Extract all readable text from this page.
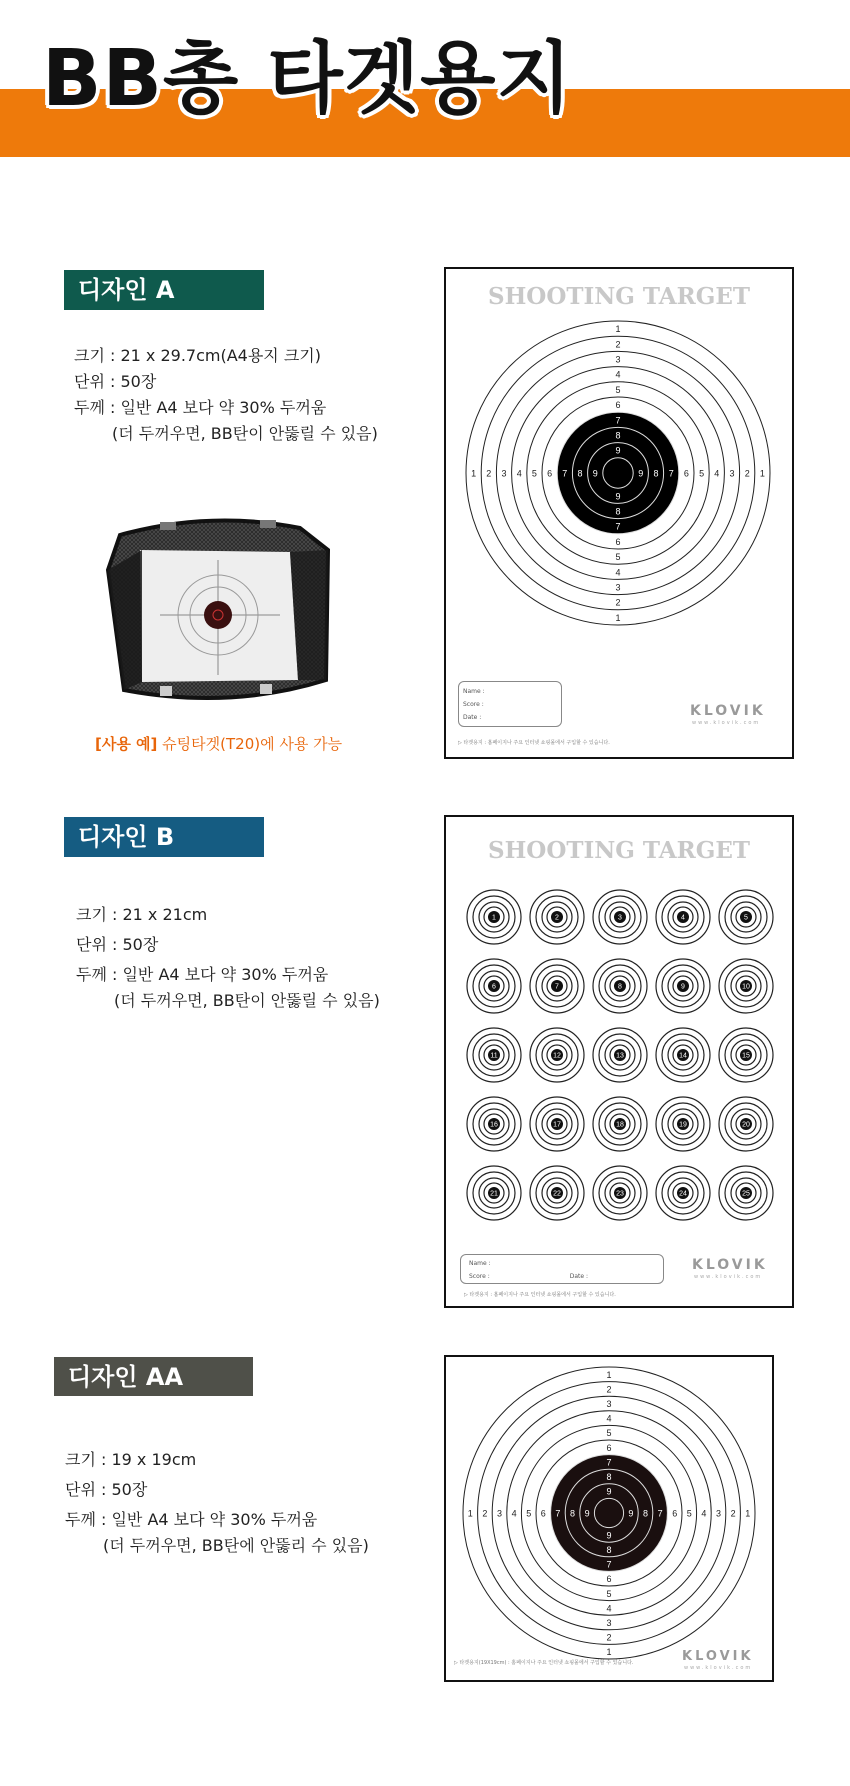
BB총 타겟용지
디자인 A
크기 : 21 x 29.7cm(A4용지 크기)
단위 : 50장
두께 : 일반 A4 보다 약 30% 두꺼움
(더 두꺼우면, BB탄이 안뚫릴 수 있음)
[사용 예] 슈팅타겟(T20)에 사용 가능
SHOOTING TARGET
1	1
1
1
2	2
2
2
3	3
3
3
4	4
4
4
5	5
5
5
6	6
6
6
7	7
7
7
8	8
8
8
9	9
9
9
Name :
Score :
Date :	KLOVIK
www.klovik.com
▷ 타겟용지 : 홈페이지나 주요 인터넷 쇼핑몰에서 구입할 수 있습니다.
디자인 B
크기 : 21 x 21cm
단위 : 50장
두께 : 일반 A4 보다 약 30% 두꺼움
(더 두꺼우면, BB탄이 안뚫릴 수 있음)
SHOOTING TARGET
1	2	3	4	5
6	7	8	9	10
11	12	13	14	15
16	17	18	19	20
21	22	23	24	25
Name :
Score :	Date :
KLOVIK
www.klovik.com
▷ 타겟용지 : 홈페이지나 주요 인터넷 쇼핑몰에서 구입할 수 있습니다.
디자인 AA
크기 : 19 x 19cm
단위 : 50장
두께 : 일반 A4 보다 약 30% 두꺼움
(더 두꺼우면, BB탄에 안뚫리 수 있음)
1	1
1
1
2	2
2
2
3	3
3
3
4	4
4
4
5	5
5
5
6	6
6
6
7	7
7
7
8	8
8
8
9	9
9
9
KLOVIK
www.klovik.com
▷ 타겟용지(19X19cm) : 홈페이지나 주요 인터넷 쇼핑몰에서 구입할 수 있습니다.
